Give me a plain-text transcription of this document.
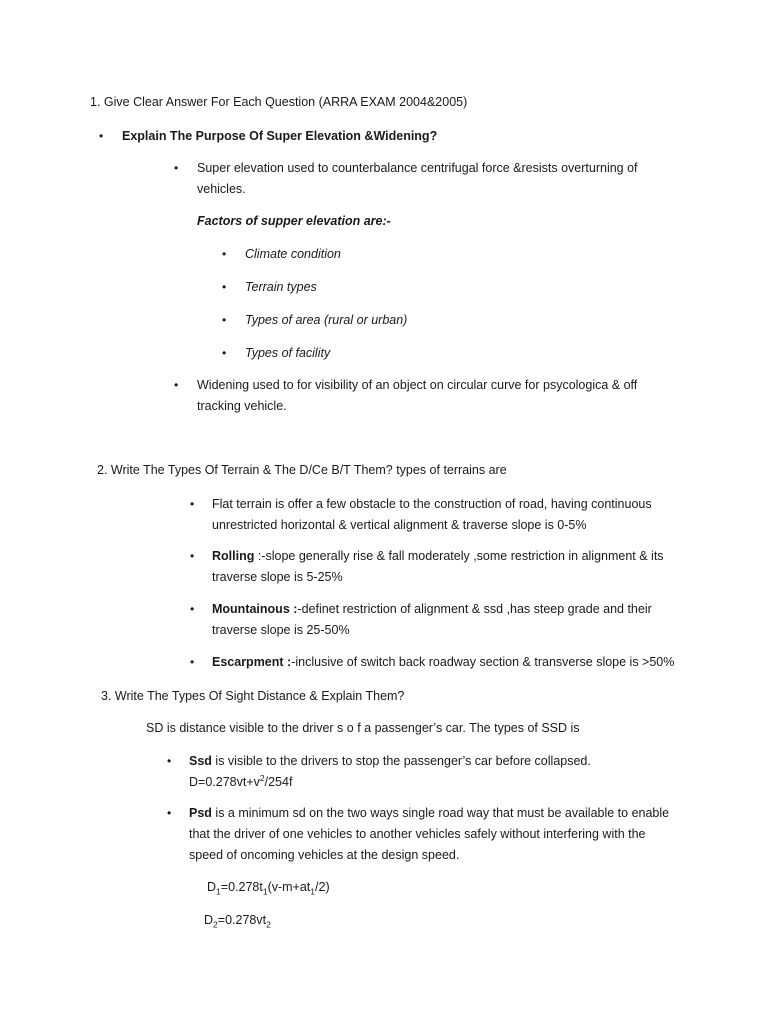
1. Give Clear Answer For Each Question (ARRA EXAM 2004&2005)
• Explain The Purpose Of Super Elevation &Widening?
• Super elevation used to counterbalance centrifugal force &resists overturning of
vehicles.
Factors of supper elevation are:-
• Climate condition
• Terrain types
• Types of area (rural or urban)
• Types of facility
• Widening used to for visibility of an object on circular curve for psycologica & off
tracking vehicle.
2. Write The Types Of Terrain & The D/Ce B/T Them? types of terrains are
• Flat terrain is offer a few obstacle to the construction of road, having continuous
unrestricted horizontal & vertical alignment & traverse slope is 0-5%
• Rolling :-slope generally rise & fall moderately ,some restriction in alignment & its
traverse slope is 5-25%
• Mountainous :-definet restriction of alignment & ssd ,has steep grade and their
traverse slope is 25-50%
• Escarpment :-inclusive of switch back roadway section & transverse slope is >50%
3. Write The Types Of Sight Distance & Explain Them?
SD is distance visible to the driver s o f a passenger’s car. The types of SSD is
• Ssd is visible to the drivers to stop the passenger’s car before collapsed.
$D=0.278vt+v^2/254f$
• Psd is a minimum sd on the two ways single road way that must be available to enable
that the driver of one vehicles to another vehicles safely without interfering with the
speed of oncoming vehicles at the design speed.
$D_1=0.278t_1(v-m+at_1/2)$
$D_2=0.278vt_2$
